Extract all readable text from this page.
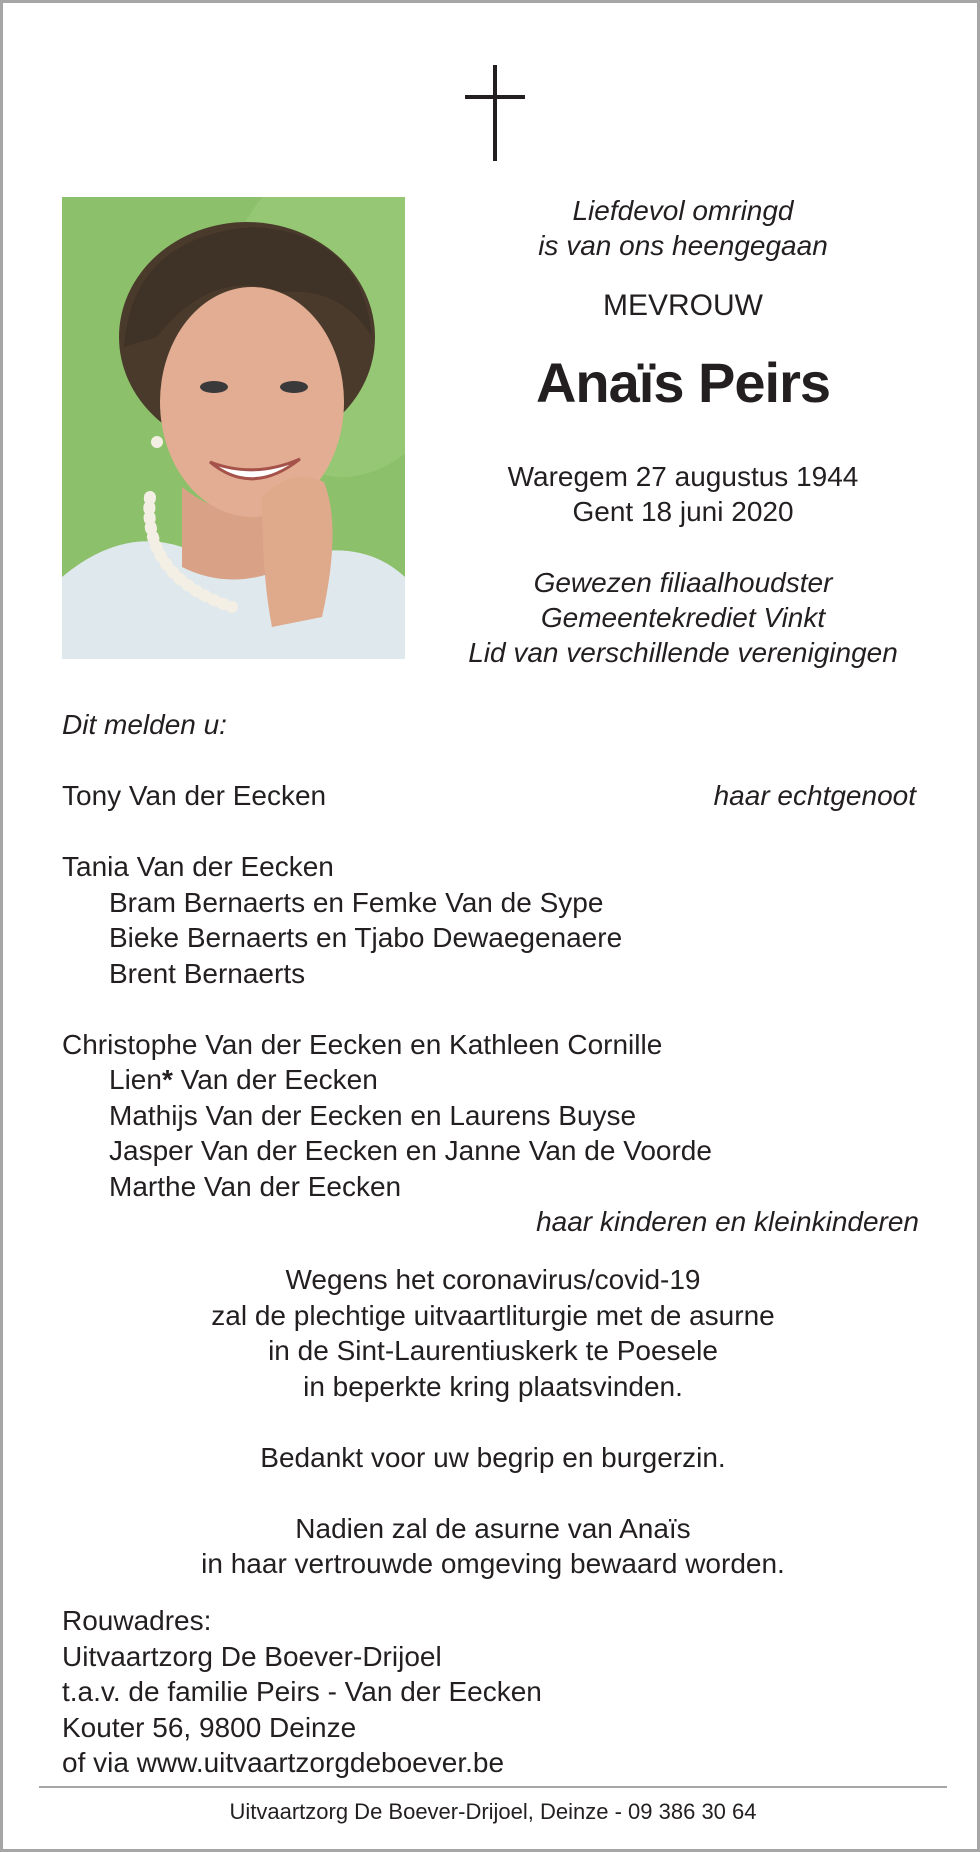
Liefdevol omringd
is van ons heengegaan
MEVROUW
Anaïs Peirs
Waregem 27 augustus 1944
Gent 18 juni 2020
Gewezen filiaalhoudster
Gemeentekrediet Vinkt
Lid van verschillende verenigingen
Dit melden u:
Tony Van der Eecken	haar echtgenoot
Tania Van der Eecken
Bram Bernaerts en Femke Van de Sype
Bieke Bernaerts en Tjabo Dewaegenaere
Brent Bernaerts
Christophe Van der Eecken en Kathleen Cornille
Lien* Van der Eecken
Mathijs Van der Eecken en Laurens Buyse
Jasper Van der Eecken en Janne Van de Voorde
Marthe Van der Eecken
haar kinderen en kleinkinderen
Wegens het coronavirus/covid-19
zal de plechtige uitvaartliturgie met de asurne
in de Sint-Laurentiuskerk te Poesele
in beperkte kring plaatsvinden.
Bedankt voor uw begrip en burgerzin.
Nadien zal de asurne van Anaïs
in haar vertrouwde omgeving bewaard worden.
Rouwadres:
Uitvaartzorg De Boever-Drijoel
t.a.v. de familie Peirs - Van der Eecken
Kouter 56, 9800 Deinze
of via www.uitvaartzorgdeboever.be
Uitvaartzorg De Boever-Drijoel, Deinze - 09 386 30 64
